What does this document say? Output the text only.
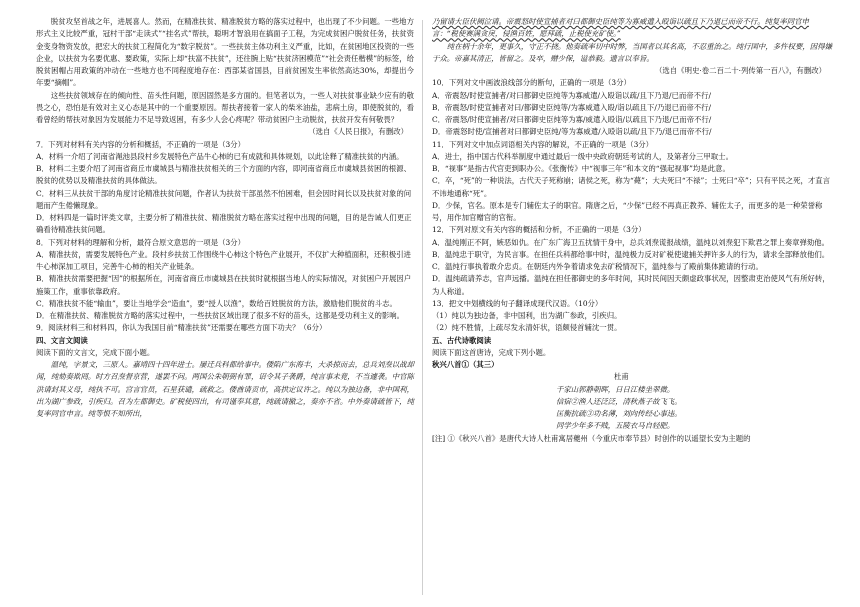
脱贫攻坚首战之年，进展喜人。然而，在精准扶贫、精准脱贫方略的落实过程中，也出现了不少问题。一些地方形式主义比较严重，冠村干部“走读式”“挂名式”帮扶，聪明才智浪用在搞面子工程，为完成贫困户脱贫任务，扶贫资金变身物资发放，把宏大的扶贫工程简化为“数字脱贫”。一些扶贫主体功利主义严重，比如，在贫困地区投资的一些企业，以扶贫为名要优惠、要政策，实际上却“扶富不扶贫”，还往腕上贴“扶贫济困模范”“社会责任楷模”的标签，给脱贫困帽占用政策的冲动在一些地方也不同程度地存在：西部某省国县，目前贫困发生率依然高达30%，却提出今年要“摘帽”。

这些扶贫领域存在的倾向性、苗头性问题，原因固然是多方面的。但笔者以为，一些人对扶贫事业缺少应有的敬畏之心，恐怕是有效对主义心态是其中的一个重要原因。帮扶者接着一家人的柴米油盐，悲病土房，即使脱贫的，看看曾经的帮扶对象因为发展能力不足导致返困，有多少人会心疼呢？带动贫困户主动脱贫，扶贫开发有何敬畏？

（选自《人民日报》，有删改）

7．下列对材料有关内容的分析和概括，不正确的一项是（3分）

A．材料一介绍了河南省渑池县段村乡发展特色产品牛心柿的已有成就和具体规划，以此诠释了精准扶贫的内涵。

B．材料二主要介绍了河南省商丘市虞城县与精准扶贫相关的三个方面的内容，即河南省商丘市虞城县贫困的根源、脱贫的优势以及精准扶贫的具体做法。

C．材料三从扶贫干部的角度讨论精准扶贫问题，作者认为扶贫干部虽然不怕困难，但会因时间长以及扶贫对象的问题而产生倦懒现象。

D．材料四是一篇时评类文章，主要分析了精准扶贫、精准脱贫方略在落实过程中出现的问题，目的是告诫人们更正确看待精准扶贫问题。

8．下列对材料的理解和分析，最符合原文意思的一项是（3分）

A．精准扶贫，需要发展特色产业。段村乡扶贫工作围绕牛心柿这个特色产业展开，不仅扩大种植面积，还积极引进牛心柿深加工项目，完善牛心柿的相关产业链条。

B．精准扶贫需要把握“因”的根据所在，河南省商丘市虞城县在扶贫时就根据当地人的实际情况，对贫困户开展因户施策工作，重事依靠政府。

C．精准扶贫不能“输血”，要让当地学会“造血”，要“授人以渔”，数给百姓脱贫的方法，激励他们脱贫的斗志。

D．在精准扶贫、精准脱贫方略的落实过程中，一些扶贫区域出现了很多不好的苗头，这都是受功利主义的影响。

9．阅读材料三和材料四，你认为我国目前“精准扶贫”还需要在哪些方面下功夫？（6分）

四、文言文阅读

阅读下面的文言文，完成下面小题。

温纯，字景文，三原人。嘉靖四十四年进士。屡迁兵科都给事中。倭陷广东海丰，大杀掠而去，总兵刘焘以战却闻，纯劾奏欺罔。时方召焘督京营，遂罢不问。两国公朱朝弼有罪，诏令其子袭爵，纯言事未竟，不当遽袭。中官陈洪请封其义母，纯执不可。宫言官员，石星获谴，疏救之。倭酋请贡市，高拱定议许之。纯以为独边备，非中国利，出为湖广参政，引疾归。召为左都御史。矿税使四出，有司谨奉其意，纯疏请撤之，奏亦不省。中外奏请疏皆下，纯复率同官申言。纯等恨不知所出，

乃留请大臣伏阙泣请。帝震怒时使宣捕者对曰都御史臣纯等为寡威遣入殴诣以疏且下乃退已而帝不行。纯复率同官申言：“税使赛满贪戾，侵渔百姓，愿拜疏，止税使充矿使。”

纯在柄十余年，更事久，守正不挠。他奏疏率切中时弊，当国者以其名高，不忍重治之。纯行国中，多忤权要，因得嫌于众。帝嘉其清正，皆留之。及卒，赠少保，谥恭毅。遗言以奉旨。

（选自《明史·卷二百二十·列传第一百八》，有删改）

10．下列对文中画波浪线部分的断句，正确的一项是（3分）

A．帝震怒/时使宣捕者/对曰都御史臣纯等为寡威遣/入殴诣以疏/且下乃退/已而帝不行/

B．帝震怒/时使宣捕者对曰/都御史臣纯等/为寡威遣入殴/诣以疏且下/乃退已而帝不行/

C．帝震怒/时使宣捕者/对曰都御史臣纯等为寡/威遣入殴诣/以疏且下乃退/已而帝不行/

D．帝震怒时使/宣捕者对曰都御史臣纯/等为寡威遣/入殴诣以疏/且下乃/退已而帝不行/

11．下列对文中加点词语相关内容的解说，不正确的一项是（3分）

A．进士，指中国古代科举制度中通过最后一级中央政府朝廷考试的人，及第者分三甲取士。

B．“视事”是指古代官吏到职办公。《张衡传》中“视事三年”和本文的“强起视事”均是此意。

C．卒，“死”的一种说法，古代天子死称崩；诸侯之死，称为“薨”；大夫死曰“不禄”；士死曰“卒”；只有平民之死，才直言不讳地通称“死”。

D．少保，官名。原本是专门辅佐太子的职官。隋唐之后，“少保”已经不再真正教养、辅佐太子，而更多的是一种荣誉称号，用作加官赠官的官衔。

12．下列对原文有关内容的概括和分析，不正确的一项是（3分）

A．温纯刚正不阿，嫉恶如仇。在广东广海卫五扰情干身中，总兵刘焘谎报战绩，温纯以刘焘犯下欺君之罪上奏章弹劾他。

B．温纯忠于职守，为民言事。在担任兵科都给事中时，温纯极力反对矿税使逮捕关押许多人的行为，请求全部释放他们。

C．温纯行事执着敢介忠贞。在朝廷内外争着请求免去矿税情况下，温纯参与了殿前集体跪请的行动。

D．温纯疏请养志，官声远播。温纯在担任都御史的多年时间，其时民间因天颇虚政事状况，因整肃吏治使风气有所好转，为人称道。

13．把文中划横线的句子翻译成现代汉语。（10分）

（1）纯以为独边备，非中国利，出为湖广参政，引疾归。

（2）纯不胜情，上疏尽发永清奸状，语颇侵首辅沈一贯。

五、古代诗歌阅读

阅读下面这首唐诗，完成下列小题。

秋兴八首①（其三）

杜甫

千家山郭静朝晖，日日江楼坐翠微。

信宿②渔人还泛泛，清秋燕子故飞飞。

匡衡抗疏③功名薄，刘向传经心事违。

同学少年多不贱，五陵衣马自轻肥。

[注] ①《秋兴八首》是唐代大诗人杜甫寓居夔州（今重庆市奉节县）时创作的以遥望长安为主题的
